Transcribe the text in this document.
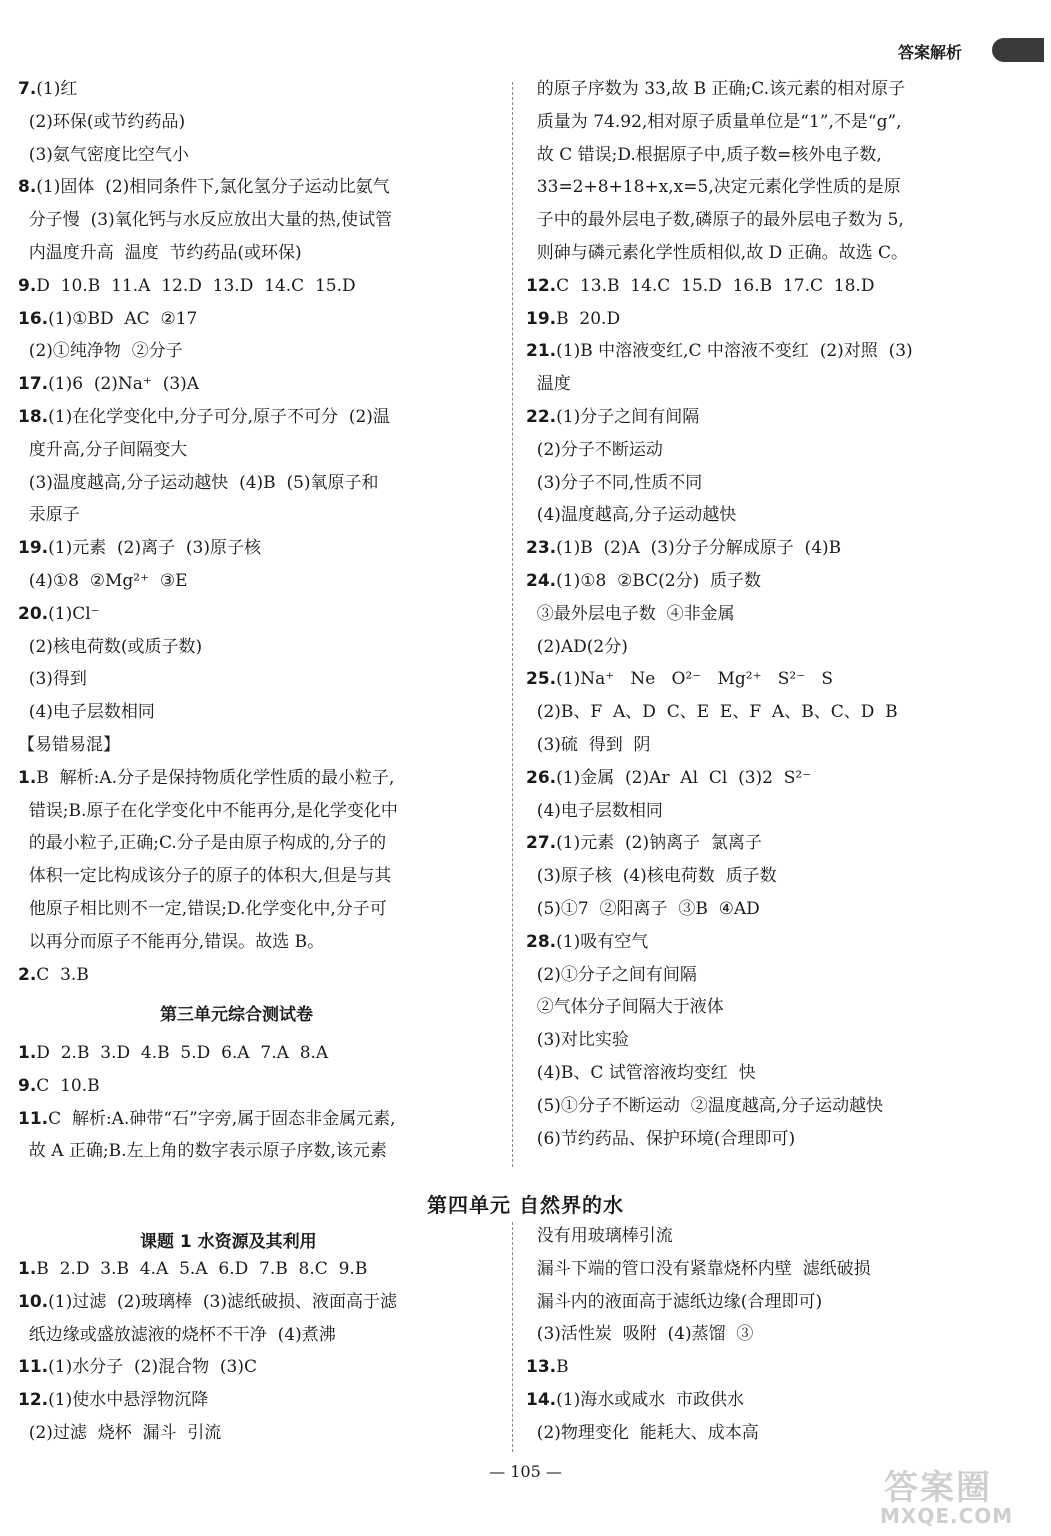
答案解析
7.(1)红
(2)环保(或节约药品)
(3)氨气密度比空气小
8.(1)固体  (2)相同条件下,氯化氢分子运动比氨气
分子慢  (3)氧化钙与水反应放出大量的热,使试管
内温度升高  温度  节约药品(或环保)
9.D  10.B  11.A  12.D  13.D  14.C  15.D
16.(1)①BD  AC  ②17
(2)①纯净物  ②分子
17.(1)6  (2)Na⁺  (3)A
18.(1)在化学变化中,分子可分,原子不可分  (2)温
度升高,分子间隔变大
(3)温度越高,分子运动越快  (4)B  (5)氧原子和
汞原子
19.(1)元素  (2)离子  (3)原子核
(4)①8  ②Mg²⁺  ③E
20.(1)Cl⁻
(2)核电荷数(或质子数)
(3)得到
(4)电子层数相同
【易错易混】
1.B  解析:A.分子是保持物质化学性质的最小粒子,
错误;B.原子在化学变化中不能再分,是化学变化中
的最小粒子,正确;C.分子是由原子构成的,分子的
体积一定比构成该分子的原子的体积大,但是与其
他原子相比则不一定,错误;D.化学变化中,分子可
以再分而原子不能再分,错误。故选 B。
2.C  3.B
第三单元综合测试卷
1.D  2.B  3.D  4.B  5.D  6.A  7.A  8.A
9.C  10.B
11.C  解析:A.砷带“石”字旁,属于固态非金属元素,
故 A 正确;B.左上角的数字表示原子序数,该元素
的原子序数为 33,故 B 正确;C.该元素的相对原子
质量为 74.92,相对原子质量单位是“1”,不是“g”,
故 C 错误;D.根据原子中,质子数=核外电子数,
33=2+8+18+x,x=5,决定元素化学性质的是原
子中的最外层电子数,磷原子的最外层电子数为 5,
则砷与磷元素化学性质相似,故 D 正确。故选 C。
12.C  13.B  14.C  15.D  16.B  17.C  18.D
19.B  20.D
21.(1)B 中溶液变红,C 中溶液不变红  (2)对照  (3)
温度
22.(1)分子之间有间隔
(2)分子不断运动
(3)分子不同,性质不同
(4)温度越高,分子运动越快
23.(1)B  (2)A  (3)分子分解成原子  (4)B
24.(1)①8  ②BC(2分)  质子数
③最外层电子数  ④非金属
(2)AD(2分)
25.(1)Na⁺   Ne   O²⁻   Mg²⁺   S²⁻   S
(2)B、F  A、D  C、E  E、F  A、B、C、D  B
(3)硫  得到  阴
26.(1)金属  (2)Ar  Al  Cl  (3)2  S²⁻
(4)电子层数相同
27.(1)元素  (2)钠离子  氯离子
(3)原子核  (4)核电荷数  质子数
(5)①7  ②阳离子  ③B  ④AD
28.(1)吸有空气
(2)①分子之间有间隔
②气体分子间隔大于液体
(3)对比实验
(4)B、C 试管溶液均变红  快
(5)①分子不断运动  ②温度越高,分子运动越快
(6)节约药品、保护环境(合理即可)
第四单元 自然界的水
课题 1 水资源及其利用
1.B  2.D  3.B  4.A  5.A  6.D  7.B  8.C  9.B
10.(1)过滤  (2)玻璃棒  (3)滤纸破损、液面高于滤
纸边缘或盛放滤液的烧杯不干净  (4)煮沸
11.(1)水分子  (2)混合物  (3)C
12.(1)使水中悬浮物沉降
(2)过滤  烧杯  漏斗  引流
没有用玻璃棒引流
漏斗下端的管口没有紧靠烧杯内壁  滤纸破损
漏斗内的液面高于滤纸边缘(合理即可)
(3)活性炭  吸附  (4)蒸馏  ③
13.B
14.(1)海水或咸水  市政供水
(2)物理变化  能耗大、成本高
— 105 —	答案圈
MXQE.COM
